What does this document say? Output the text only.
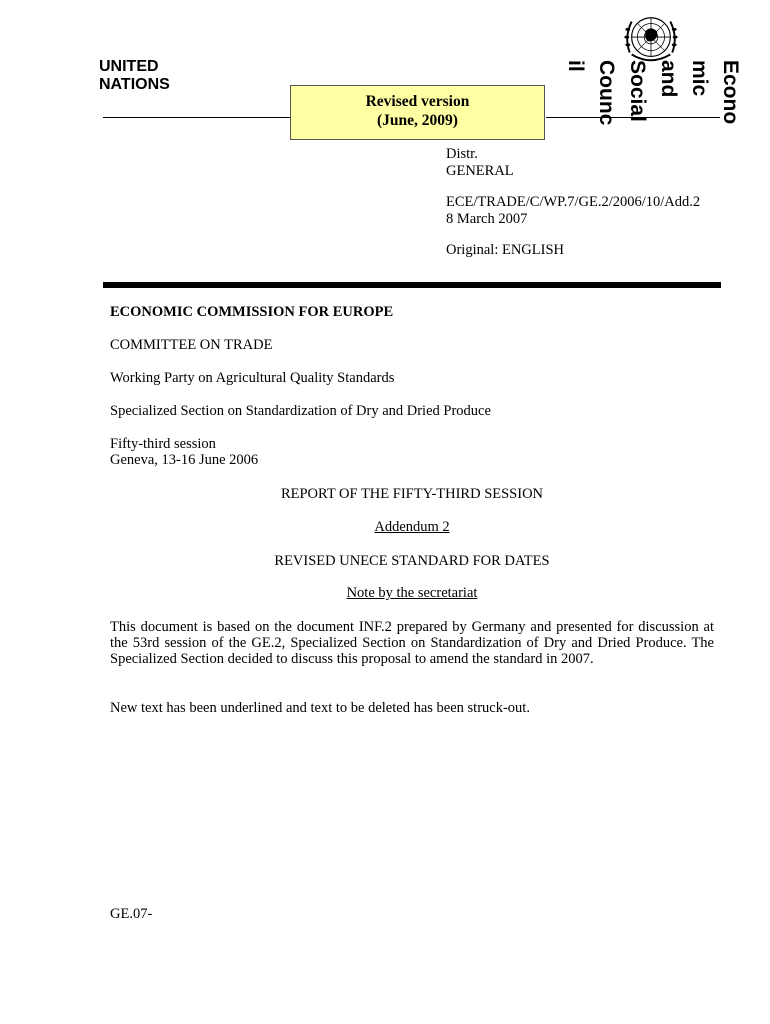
UNITED
NATIONS
Revised version
(June, 2009)	Econo
mic
and
Social
Counc
il

Distr.

GENERAL

ECE/TRADE/C/WP.7/GE.2/2006/10/Add.2

8 March 2007

Original: ENGLISH

ECONOMIC COMMISSION FOR EUROPE
COMMITTEE ON TRADE
Working Party on Agricultural Quality Standards
Specialized Section on Standardization of Dry and Dried Produce
Fifty-third session
Geneva, 13-16 June 2006
REPORT OF THE FIFTY-THIRD SESSION
Addendum 2
REVISED UNECE STANDARD FOR DATES
Note by the secretariat
This document is based on the document INF.2 prepared by Germany and presented for discussion at the 53rd session of the GE.2, Specialized Section on Standardization of Dry and Dried Produce. The Specialized Section decided to discuss this proposal to amend the standard in 2007.
New text has been underlined and text to be deleted has been struck-out.
GE.07-
